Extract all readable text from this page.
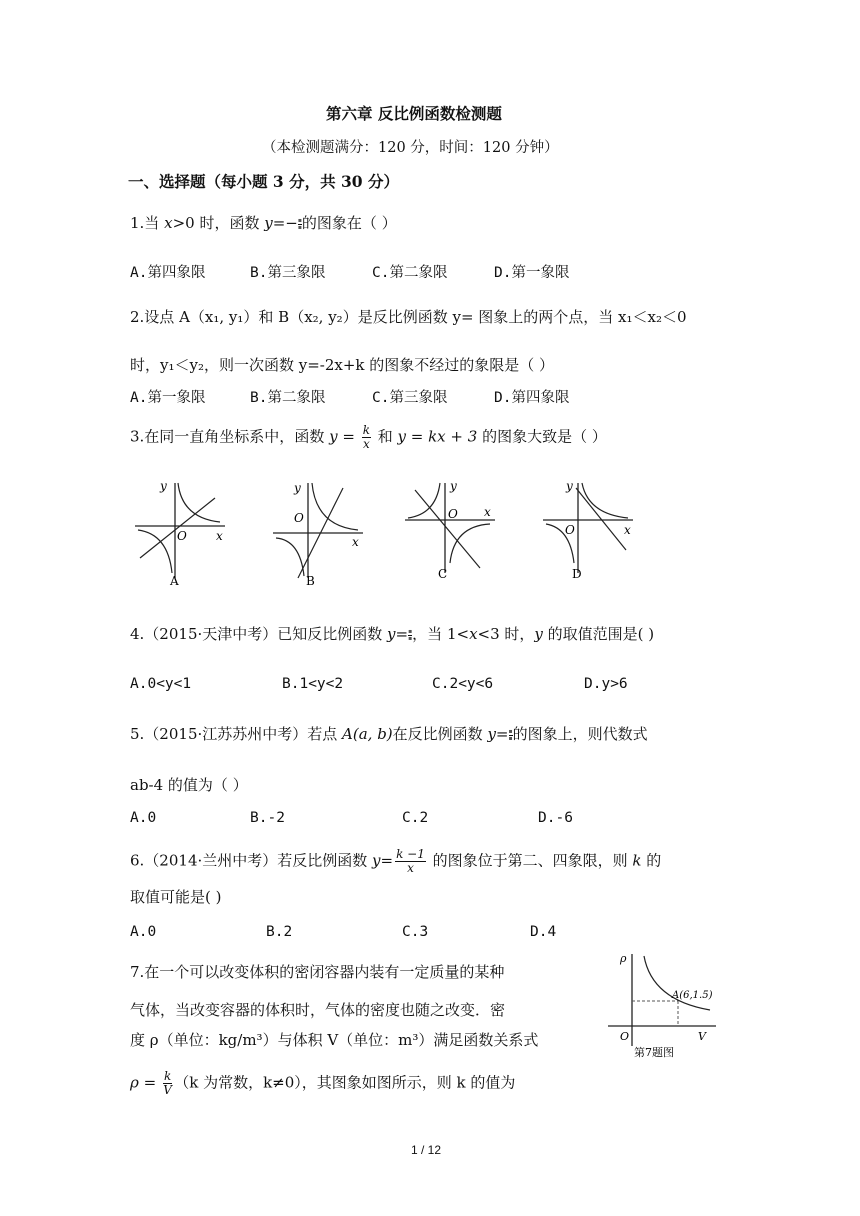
第六章 反比例函数检测题
（本检测题满分：120 分，时间：120 分钟）
一、选择题（每小题 3 分，共 30 分）
1.当 x>0 时，函数 y=− ▪
▪的图象在（ ）
A.第四象限	B.第三象限	C.第二象限	D.第一象限
2.设点 A（x₁, y₁）和 B（x₂, y₂）是反比例函数 y= 图象上的两个点，当 x₁＜x₂＜0
时，y₁＜y₂，则一次函数 y=-2x+k 的图象不经过的象限是（ ）
A.第一象限	B.第二象限	C.第三象限	D.第四象限
3.在同一直角坐标系中，函数 $y = \frac{k}{x}$ 和 y = kx + 3 的图象大致是（ ）
y
O x
A
y
O
x
B
y
O x
C
y
O	x
D
4.（2015·天津中考）已知反比例函数 y= ▪
▪，当 1<x<3 时，y 的取值范围是( )
A.0<y<1	B.1<y<2	C.2<y<6	D.y>6
5.（2015·江苏苏州中考）若点 A(a, b)在反比例函数 y= ▪
▪的图象上，则代数式
ab-4 的值为（ ）
A.0	B.-2	C.2	D.-6
6.（2014·兰州中考）若反比例函数 $y= \frac{k -1}{x}$ 的图象位于第二、四象限，则 k 的
取值可能是( )
A.0	B.2	C.3	D.4
7.在一个可以改变体积的密闭容器内装有一定质量的某种
气体，当改变容器的体积时，气体的密度也随之改变．密
度 ρ（单位：kg/m³）与体积 V（单位：m³）满足函数关系式
$\rho = \frac{k}{V} (k$ 为常数，k≠0），其图象如图所示，则 k 的值为
ρ
O	V
A(6,1.5)
第7题图
1 / 12
